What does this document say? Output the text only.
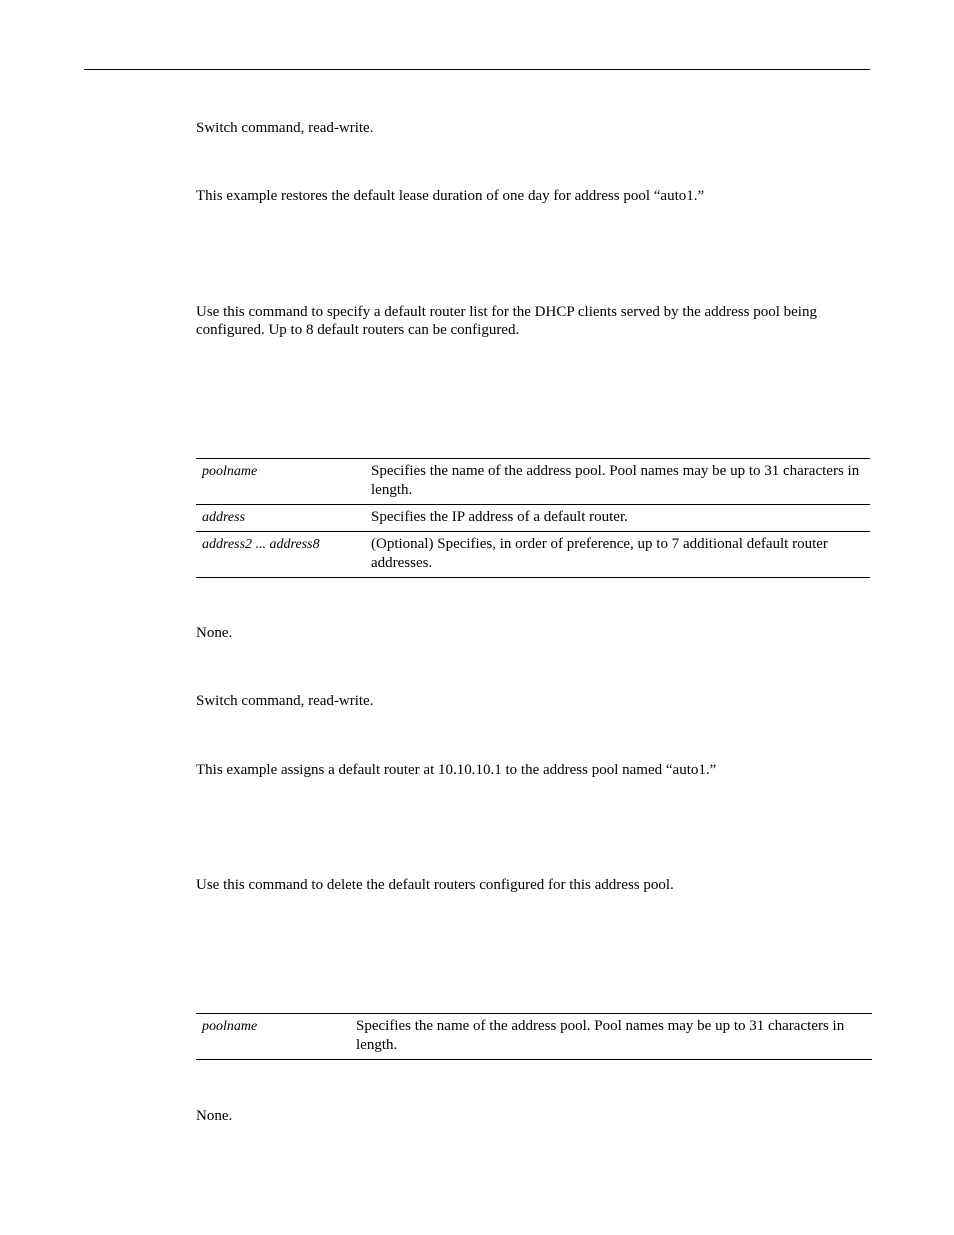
Switch command, read-write.

This example restores the default lease duration of one day for address pool “auto1.”

Use this command to specify a default router list for the DHCP clients served by the address pool being configured. Up to 8 default routers can be configured.

poolname	Specifies the name of the address pool. Pool names may be up to 31 characters in length.
address	Specifies the IP address of a default router.
address2 ... address8	(Optional) Specifies, in order of preference, up to 7 additional default router addresses.

None.

Switch command, read-write.

This example assigns a default router at 10.10.10.1 to the address pool named “auto1.”

Use this command to delete the default routers configured for this address pool.

poolname	Specifies the name of the address pool. Pool names may be up to 31 characters in length.

None.
